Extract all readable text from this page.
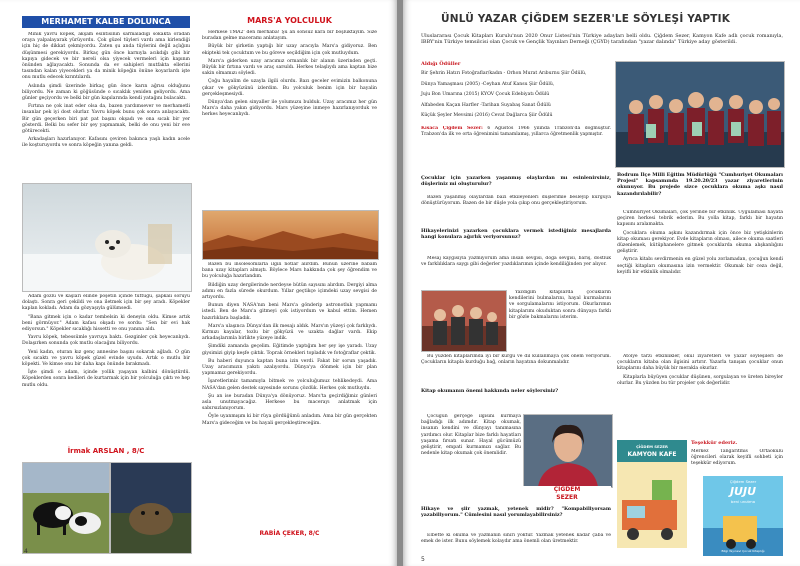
MERHAMET KALBE DOLUNCA

Minik yavru köpek, akşam esintisinin sarmaladığı sokakta oradan oraya yalpalayarak yürüyordu. Çok güzel tüyleri vardı ama kirlendiği için hiç de dikkat çekmiyordu. Zaten şu anda tüylerini değil açlığını düşünmesi gerekiyordu. Birkaç gün önce karnıyla acıkdığı gibi bir kapıya gidecek ve bir nereli olsa yiyecek vermeleri için kapının önünden ağlayacaktı. Sonunda da ev sahipleri mutfakta ellerini tasından kalan yiyecekleri ya da minik köpeğin önüne koyarlardı işte onu mutlu edecek kırıntılardı.

Aslında şimdi üzerinde birkaç gün önce karın ağrısı olduğunu biliyordu. Ne zaman ki göğüsünde o sıcaklık yeniden geliyordu. Ama günler geçiyordu ve belki bir gün kapılarında kendi yatağını bulacaktı.

Fırtına ne çok inat eder olsa da, bazen yardımsever ve merhametli insanlar pek iyi dost olurlar. Yavru köpek bunu çok sonra anlayacaktı. Bir gün geçerken biri pat pat başını okşadı ve ona sıcak bir yer gösterdi. Belki bu sefer bir şey yapmamak, belki de onu yeni bir eve götürecekti.

Arkadaşları hazırlanıyor. Kafasını çeviren bakınca yaşlı kadın acele ile koşturuyordu ve sonra köpeğin yanına geldi.

Adam gözlü ve kaşları elinde poşetin içinde tuttuğu, şapkalı soruyu dolaştı. Sonra geri çekildi ve ona iletmek için bir şey aradı. Köpekler kaplan kokladı. Adam da gözyaşıyla gülümsedi.

"Bana gitmek için o kadar tembelsin ki deneyin oldu. Kimse artık beni görmüyor." Adam kafası okşadı ve sordu: "Sen bir evi hak ediyorsun." Köpekler sıcaklığı hissetti ve onu yanına aldı.

Yavru köpek, tebessümle yavruya baktı. Gezginler çok heyecanlıydı. Dolaşırken sonunda çok mutlu olacağını biliyordu.

Yeni kadın, oturan kız genç annesine başını sokarak ağladı. O gün çok sıcaktı ve yavru köpek güzel evinde uyudu. Artık o mutlu bir köpekti. Ve kimse onu bir daha kapı önünde bırakmadı.

İşte şimdi o adam, içinde yollik yaşayan kalbini dönüştürdü. Köpeklerden sonra kedileri de kurtarmak için bir yolculuğa çıktı ve hep mutlu oldu.

İrmak ARSLAN , 8/C
MARS'A YOLCULUK

Herkese TMA2' den merhaba! Şu an sonsuz kara bir boşluktayım. Size buradan gelme maceramı anlatayım.

Büyük bir şirketin yaptığı bir uzay aracıyla Mars'a gidiyoruz. Ben ekipteki tek çocuktum ve bu göreve seçildiğim için çok mutluydum.

Mars'a giderken uzay aracımız ormanlık bir alanın üzerinden geçti. Büyük bir fırtına vardı ve araç sarsıldı. Herkes telaşlıydı ama kaptan bize sakin olmamızı söyledi.

Çoğu hayalim de uzayla ilgili olurdu. Bazı geceler evimizin balkonuna çıkar ve gökyüzünü izlerdim. Bu yolculuk benim için bir hayalin gerçekleşmesiydi.

Dünya'dan gelen sinyaller ile yolumuzu bulduk. Uzay aracımız her gün Mars'a daha yakın gidiyordu. Mars yüzeyine inmeye hazırlanıyorduk ve herkes heyecanlıydı.

Bazen bu insolesomlarla ilgili notlar alırdım. Bunun üzerine babam bana uzay kitapları almıştı. Böylece Mars hakkında çok şey öğrendim ve bu yolculuğa hazırlandım.

Bildiğin uzay dergilerinde nerdeyse bütün sayısını alırdım. Dergiyi alma adımı en fazla sürede okurdum. Yıllar geçtikçe içimdeki uzay sevgisi de artıyordu.

Bunun diyen NASA'nın beni Mars'a gönderip astronotluk yapmamı istedi. Ben de Mars'a gitmeyi çok istiyordum ve kabul ettim. Hemen hazırlıklara başladık.

Mars'a ulaşınca Dünya'dan ilk mesajı aldık. Mars'ın yüzeyi çok farklıydı. Kırmızı kayalar, tozlu bir gökyüzü ve uzakta dağlar vardı. Ekip arkadaşlarımla birlikte yüzeye indik.

Şimdiki zamanda geçelim. Eğitimde yaptığım her şey işe yaradı. Uzay giysimizi giyip keşfe çıktık. Toprak örnekleri topladık ve fotoğraflar çektik.

Bu haberi duyunca kaptan buna izin verdi. Fakat bir sorun yaşadık. Uzay aracımızın yakıtı azalıyordu. Dünya'ya dönmek için bir plan yapmamız gerekiyordu.

İşaretlerimiz tamamıyla bitmek ve yolculuğumuz tehlikedeydi. Ama NASA'dan gelen destek sayesinde sorunu çözdük. Herkes çok mutluydu.

Şu an ise buradan Dünya'ya dönüyoruz. Mars'ta geçirdiğimiz günleri asla unutmayacağız. Herkese bu macerayı anlatmak için sabırsızlanıyorum.

Öyle uyanmışım ki bir rüya gördüğümü anladım. Ama bir gün gerçekten Mars'a gideceğim ve bu hayali gerçekleştireceğim.

RABİA ÇEKER, 8/C
4
ÜNLÜ YAZAR ÇİĞDEM SEZER'LE SÖYLEŞİ YAPTIK
Uluslararası Çocuk Kitapları Kurulu'nun 2020 Onur Listesi'nin Türkiye adayları belli oldu. Çiğdem Sezer, Kamyon Kafe adlı çocuk romanıyla, IBBY'nin Türkiye temsilcisi olan Çocuk ve Gençlik Yayınları Derneği (ÇGYD) tarafından "yazar dalında" Türkiye aday gösterildi.
Aldığı Ödüller
Bir Şehrin Hatırı Fotoğraflar/kadın - Orhon Murat Arıburnu Şiir Ödülü,
Dünya Yamaşması (2005) -Ceyhan Atuf Kansu Şiir Ödülü,
Juju Bon Umarına (2015) KYOV Çocuk Edebiyatı Ödülü
Alfabeden Kaçan Harfler -Tarihan Suyabaş Sanat Ödülü
Küçük Şeyler Mevsimi (2016) Cevat Dağlarca Şiir Ödülü
Kısaca Çiğdem Sezer: 6 Ağustos 1966 yılında Trabzon'da doğmuştur. Trabzon'da ilk ve orta öğrenimini tamamlamış, yıllarca öğretmenlik yapmıştır.
Çocuklar için yazarken yaşanmış olaylardan mı esinlenirsiniz, düşleriniz mi oluşturulur?

Bazen yaşanmış olaylardan bazı etkileyenleri düşlerimle besleyip kurguya dönüştürüyorum. Bazen de bir düşle yola çıkıp onu gerçekleştiriyorum.

Hikayelerinizi yazarken çocuklara vermek istediğiniz mesajlarda hangi konulara ağırlık veriyorsunuz?

Mesaj kaygısıyla yazmıyorum ama insan sevgisi, doğa sevgisi, barış, dostluk ve farklılıklara saygı gibi değerler yazdıklarımın içinde kendiliğinden yer alıyor.

Yazdığım kitaplarda çocukların kendilerini bulmalarını, hayal kurmalarını ve sorgulamalarını istiyorum. Okurlarımın kitaplarımı okuduktan sonra dünyaya farklı bir gözle bakmalarını isterim.

Bu yüzden kitaplarımda iyi bir kurgu ve dil kullanmaya çok önem veriyorum. Çocukların kitapla kurduğu bağ, onların hayatına dokunmalıdır.

Kitap okumanın önemi hakkında neler söylersiniz?

Çocuğun gerçeğe ilgisini kurmaya bağladığı ilk adımdır. Kitap okumak, insanın kendini ve dünyayı tanımasına yardımcı olur. Kitaplar bize farklı hayatları yaşama fırsatı sunar. Hayal gücümüzü geliştirir, empati kurmamızı sağlar. Bu nedenle kitap okumak çok önemlidir.

ÇİĞDEM
SEZER
Hikaye ve şiir yazmak, yetenek midir? "Kompabiliyorsam yazabiliyorum." Cümlesini nasıl yorumlayabilirsiniz?

Elbette ki okuma ve yazmanın sınırı yoktur. Yazmak yetenek kadar çaba ve emek de ister. Bunu söylemek kolaydır ama önemli olan üretmektir.

Bodrum İlçe Milli Eğitim Müdürlüğü "Cumhuriyet Okumaları Projesi" kapsamında 19.20.20/23 yazar ziyaretlerinin okunuyor. Bu projede sizce çocuklara okuma aşkı nasıl kazandırılabilir?

Cumhuriyet Okumaları, çok yerinde bir etkinlik. Uygulaması hayata geçiren herkesi tebrik ederim. Bu yolla kitap, farklı bir hayatın kapısını aralamakta.

Çocuklara okuma aşkını kazandırmak için önce biz yetişkinlerin kitap okuması gerekiyor. Evde kitapların olması, ailece okuma saatleri düzenlemek, kütüphanelere gitmek çocuklarda okuma alışkanlığını geliştirir.

Ayrıca kitabı sevdirmenin en güzel yolu zorlamadan, çocuğun kendi seçtiği kitapları okumasına izin vermektir. Okumak bir ceza değil, keyifli bir etkinlik olmalıdır.

Atölye tarzı etkinlikler, okul ziyaretleri ve yazar söyleşileri de çocukların kitaba olan ilgisini artırır. Yazarla tanışan çocuklar onun kitaplarını daha büyük bir merakla okurlar.

Kitaplarla büyüyen çocuklar düşünen, sorgulayan ve üreten bireyler olurlar. Bu yüzden bu tür projeler çok değerlidir.

Teşekkür ederiz.
Merkez Tangaritmis Ortaokulu öğrencileri olarak keyifli sohbeti için teşekkür ediyorum.
ÇİĞDEM SEZER
KAMYON KAFE
Çiğdem Sezer
JUJU
beni unutma
Bilgi Yayınevi Çocuk Kitaplığı
5
